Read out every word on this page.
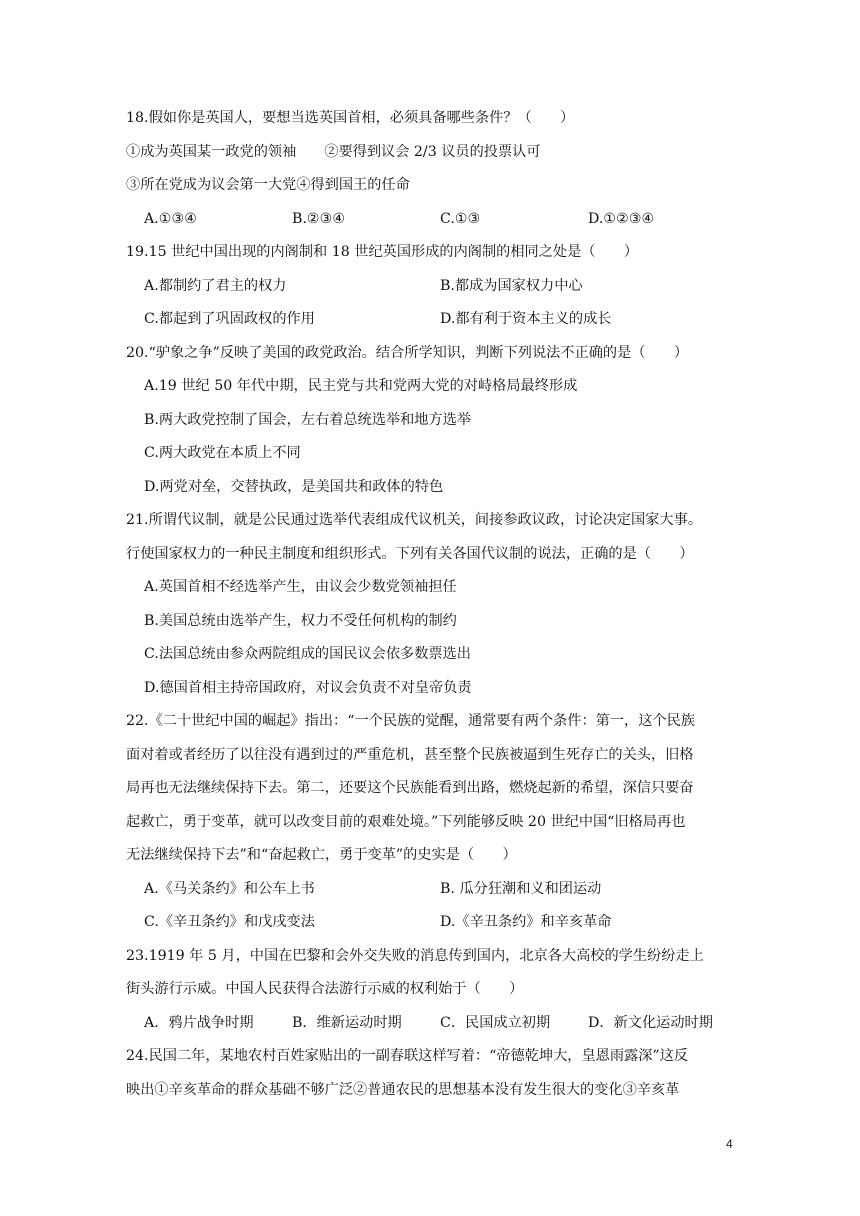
18.假如你是英国人，要想当选英国首相，必须具备哪些条件？（　　）
①成为英国某一政党的领袖 ②要得到议会 2/3 议员的投票认可
③所在党成为议会第一大党④得到国王的任命
A.①③④	B.②③④	C.①③	D.①②③④
19.15 世纪中国出现的内阁制和 18 世纪英国形成的内阁制的相同之处是（　　）
A.都制约了君主的权力	B.都成为国家权力中心
C.都起到了巩固政权的作用	D.都有利于资本主义的成长
20.“驴象之争”反映了美国的政党政治。结合所学知识，判断下列说法不正确的是（　　）
A.19 世纪 50 年代中期，民主党与共和党两大党的对峙格局最终形成
B.两大政党控制了国会，左右着总统选举和地方选举
C.两大政党在本质上不同
D.两党对垒，交替执政，是美国共和政体的特色
21.所谓代议制，就是公民通过选举代表组成代议机关，间接参政议政，讨论决定国家大事。
行使国家权力的一种民主制度和组织形式。下列有关各国代议制的说法，正确的是（　　）
A.英国首相不经选举产生，由议会少数党领袖担任
B.美国总统由选举产生，权力不受任何机构的制约
C.法国总统由参众两院组成的国民议会依多数票选出
D.德国首相主持帝国政府，对议会负责不对皇帝负责
22.《二十世纪中国的崛起》指出：“一个民族的觉醒，通常要有两个条件：第一，这个民族
面对着或者经历了以往没有遇到过的严重危机，甚至整个民族被逼到生死存亡的关头，旧格
局再也无法继续保持下去。第二，还要这个民族能看到出路，燃烧起新的希望，深信只要奋
起救亡，勇于变革，就可以改变目前的艰难处境。”下列能够反映 20 世纪中国“旧格局再也
无法继续保持下去”和“奋起救亡，勇于变革”的史实是（　　）
A.《马关条约》和公车上书	B. 瓜分狂潮和义和团运动
C.《辛丑条约》和戊戌变法	D.《辛丑条约》和辛亥革命
23.1919 年 5 月，中国在巴黎和会外交失败的消息传到国内，北京各大高校的学生纷纷走上
街头游行示威。中国人民获得合法游行示威的权利始于（　　）
A．鸦片战争时期	B．维新运动时期	C．民国成立初期	D．新文化运动时期
24.民国二年，某地农村百姓家贴出的一副春联这样写着：“帝德乾坤大，皇恩雨露深”这反
映出①辛亥革命的群众基础不够广泛②普通农民的思想基本没有发生很大的变化③辛亥革
4
